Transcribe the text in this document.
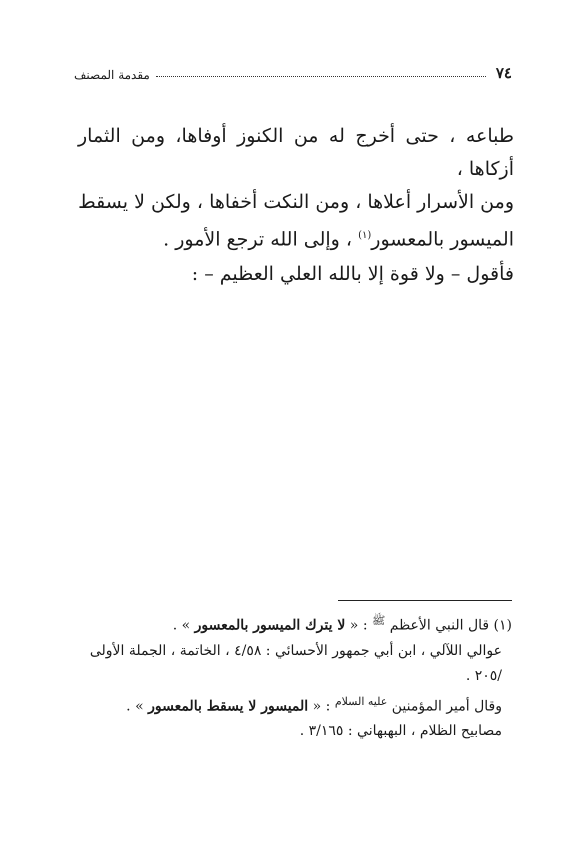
٧٤
مقدمة المصنف

طباعه ، حتى أخرج له من الكنوز أوفاها، ومن الثمار أزكاها ،

ومن الأسرار أعلاها ، ومن النكت أخفاها ، ولكن لا يسقط

الميسور بالمعسور$^{(١)}$ ، وإلى الله ترجع الأمور .

فأقول – ولا قوة إلا بالله العلي العظيم – :

(١) قال النبي الأعظم $^ﷺ$ : « لا يترك الميسور بالمعسور » .

عوالي اللآلي ، ابن أبي جمهور الأحسائي : ٤/٥٨ ، الخاتمة ، الجملة الأولى

/٢٠٥ .

وقال أمير المؤمنين $^{عليه السلام}$ : « الميسور لا يسقط بالمعسور » .

مصابيح الظلام ، البهبهاني : ٣/١٦٥ .
